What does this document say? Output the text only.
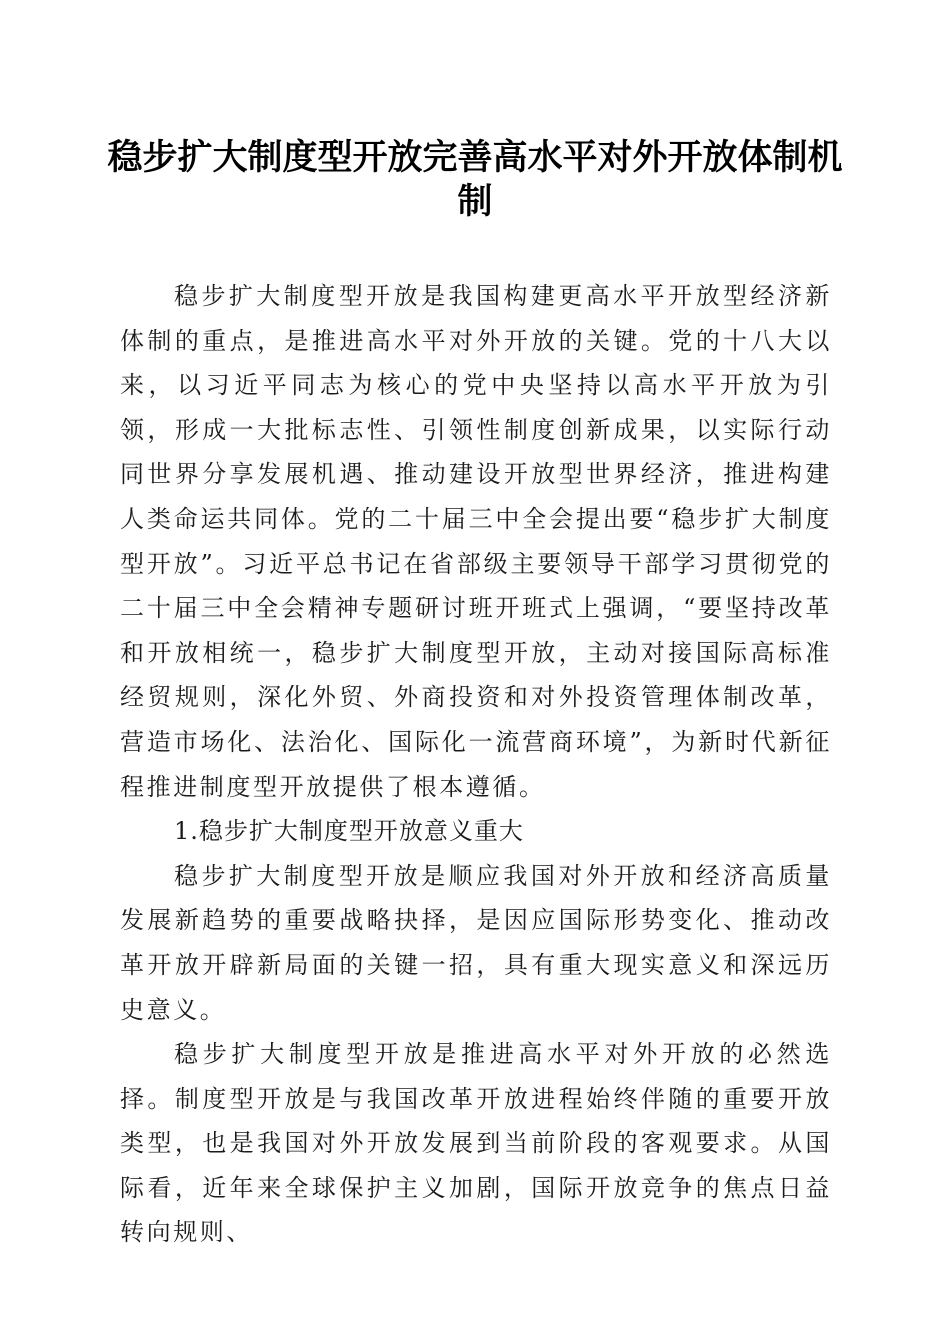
稳步扩大制度型开放完善高水平对外开放体制机制

稳步扩大制度型开放是我国构建更高水平开放型经济新体制的重点，是推进高水平对外开放的关键。党的十八大以来，以习近平同志为核心的党中央坚持以高水平开放为引领，形成一大批标志性、引领性制度创新成果，以实际行动同世界分享发展机遇、推动建设开放型世界经济，推进构建人类命运共同体。党的二十届三中全会提出要“稳步扩大制度型开放”。习近平总书记在省部级主要领导干部学习贯彻党的二十届三中全会精神专题研讨班开班式上强调，“要坚持改革和开放相统一，稳步扩大制度型开放，主动对接国际高标准经贸规则，深化外贸、外商投资和对外投资管理体制改革，营造市场化、法治化、国际化一流营商环境”，为新时代新征程推进制度型开放提供了根本遵循。

1.稳步扩大制度型开放意义重大

稳步扩大制度型开放是顺应我国对外开放和经济高质量发展新趋势的重要战略抉择，是因应国际形势变化、推动改革开放开辟新局面的关键一招，具有重大现实意义和深远历史意义。

稳步扩大制度型开放是推进高水平对外开放的必然选择。制度型开放是与我国改革开放进程始终伴随的重要开放类型，也是我国对外开放发展到当前阶段的客观要求。从国际看，近年来全球保护主义加剧，国际开放竞争的焦点日益转向规则、
